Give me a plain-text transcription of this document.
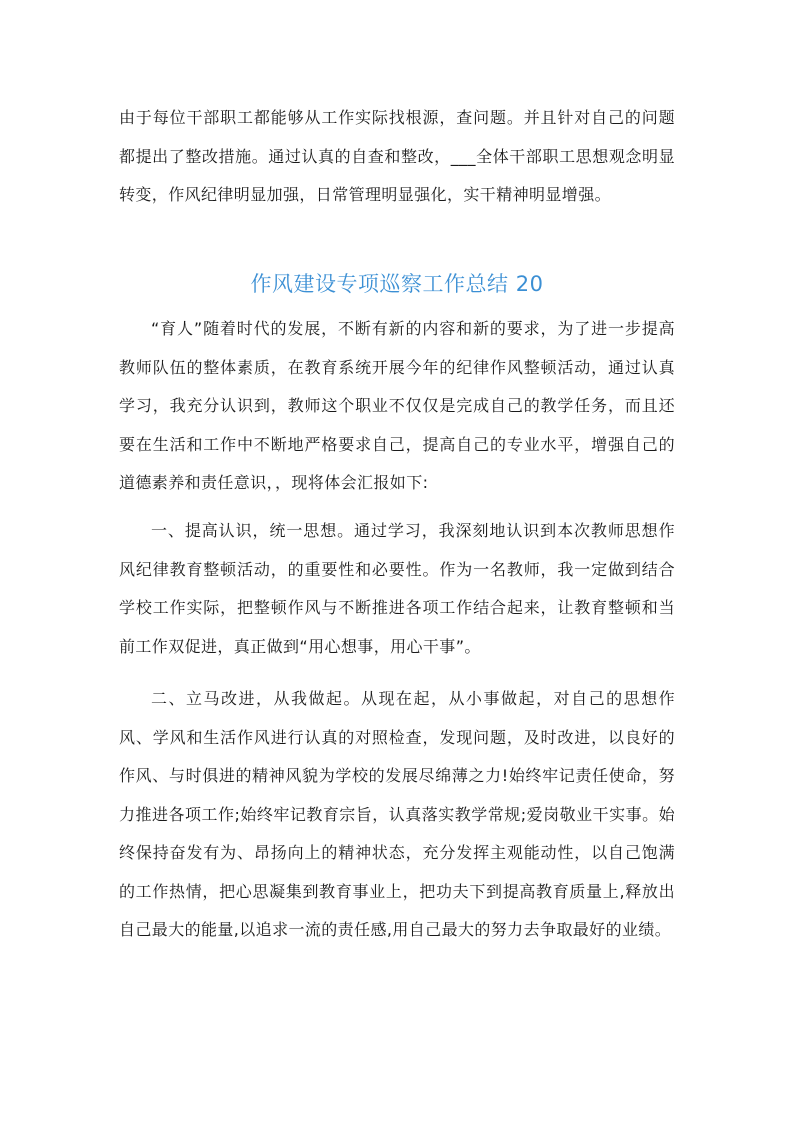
由于每位干部职工都能够从工作实际找根源，查问题。并且针对自己的问题都提出了整改措施。通过认真的自查和整改，___全体干部职工思想观念明显转变，作风纪律明显加强，日常管理明显强化，实干精神明显增强。

作风建设专项巡察工作总结 20

“育人”随着时代的发展，不断有新的内容和新的要求，为了进一步提高教师队伍的整体素质，在教育系统开展今年的纪律作风整顿活动，通过认真学习，我充分认识到，教师这个职业不仅仅是完成自己的教学任务，而且还要在生活和工作中不断地严格要求自己，提高自己的专业水平，增强自己的道德素养和责任意识，，现将体会汇报如下:

一、提高认识，统一思想。通过学习，我深刻地认识到本次教师思想作风纪律教育整顿活动，的重要性和必要性。作为一名教师，我一定做到结合学校工作实际，把整顿作风与不断推进各项工作结合起来，让教育整顿和当前工作双促进，真正做到“用心想事，用心干事”。

二、立马改进，从我做起。从现在起，从小事做起，对自己的思想作风、学风和生活作风进行认真的对照检查，发现问题，及时改进，以良好的作风、与时俱进的精神风貌为学校的发展尽绵薄之力!始终牢记责任使命，努力推进各项工作;始终牢记教育宗旨，认真落实教学常规;爱岗敬业干实事。始终保持奋发有为、昂扬向上的精神状态，充分发挥主观能动性，以自己饱满的工作热情，把心思凝集到教育事业上，把功夫下到提高教育质量上,释放出自己最大的能量,以追求一流的责任感,用自己最大的努力去争取最好的业绩。
